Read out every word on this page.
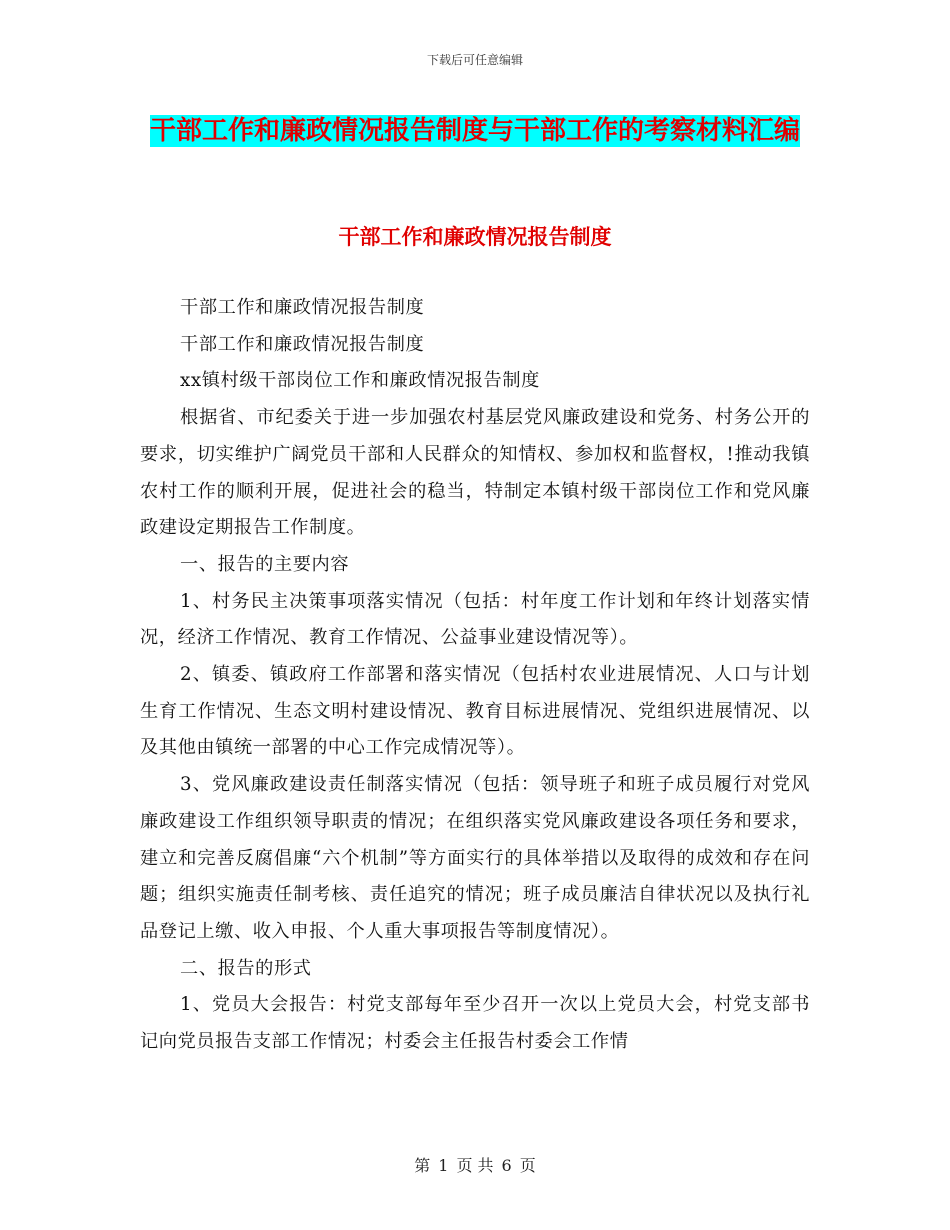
下载后可任意编辑
干部工作和廉政情况报告制度与干部工作的考察材料汇编
干部工作和廉政情况报告制度

干部工作和廉政情况报告制度

干部工作和廉政情况报告制度

xx镇村级干部岗位工作和廉政情况报告制度

根据省、市纪委关于进一步加强农村基层党风廉政建设和党务、村务公开的要求，切实维护广阔党员干部和人民群众的知情权、参加权和监督权，!推动我镇农村工作的顺利开展，促进社会的稳当，特制定本镇村级干部岗位工作和党风廉政建设定期报告工作制度。

一、报告的主要内容

1、村务民主决策事项落实情况（包括：村年度工作计划和年终计划落实情况，经济工作情况、教育工作情况、公益事业建设情况等）。

2、镇委、镇政府工作部署和落实情况（包括村农业进展情况、人口与计划生育工作情况、生态文明村建设情况、教育目标进展情况、党组织进展情况、以及其他由镇统一部署的中心工作完成情况等）。

3、党风廉政建设责任制落实情况（包括：领导班子和班子成员履行对党风廉政建设工作组织领导职责的情况；在组织落实党风廉政建设各项任务和要求，建立和完善反腐倡廉“六个机制”等方面实行的具体举措以及取得的成效和存在问题；组织实施责任制考核、责任追究的情况；班子成员廉洁自律状况以及执行礼品登记上缴、收入申报、个人重大事项报告等制度情况）。

二、报告的形式

1、党员大会报告：村党支部每年至少召开一次以上党员大会，村党支部书记向党员报告支部工作情况；村委会主任报告村委会工作情

第 1 页 共 6 页
